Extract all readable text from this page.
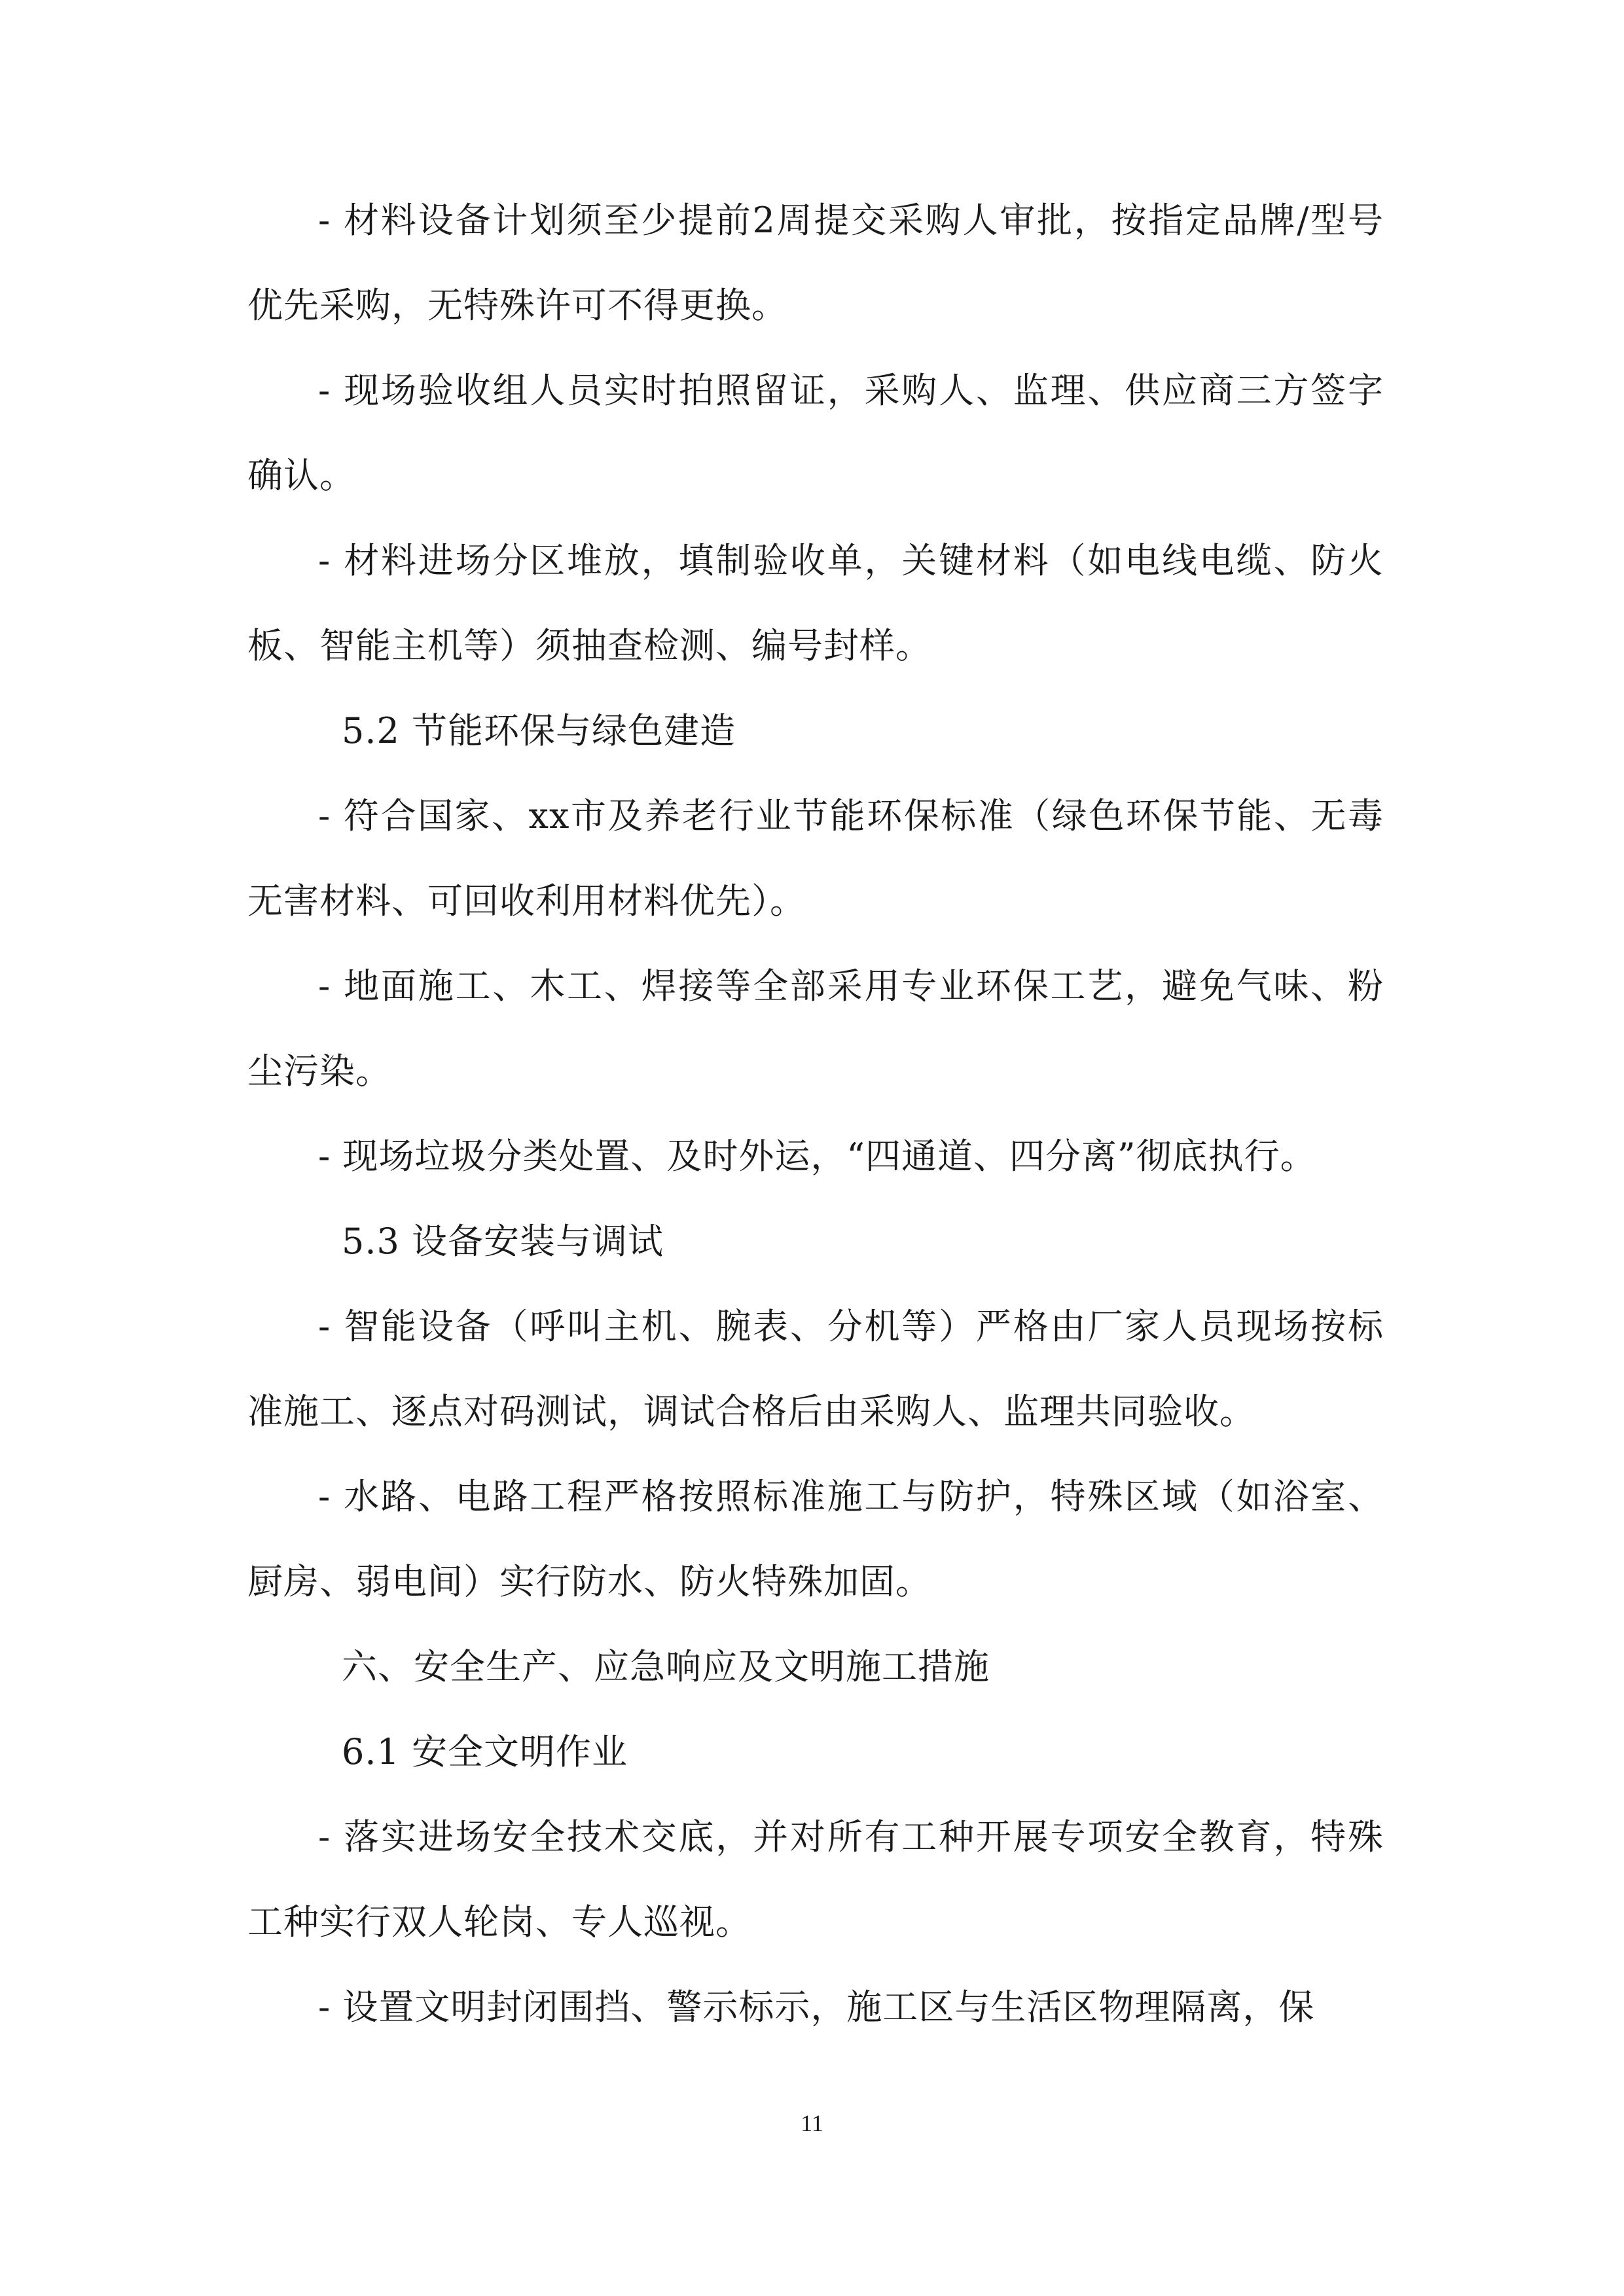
- 材料设备计划须至少提前2周提交采购人审批，按指定品牌/型号优先采购，无特殊许可不得更换。

- 现场验收组人员实时拍照留证，采购人、监理、供应商三方签字确认。

- 材料进场分区堆放，填制验收单，关键材料（如电线电缆、防火板、智能主机等）须抽查检测、编号封样。

5.2 节能环保与绿色建造

- 符合国家、xx市及养老行业节能环保标准（绿色环保节能、无毒无害材料、可回收利用材料优先）。

- 地面施工、木工、焊接等全部采用专业环保工艺，避免气味、粉尘污染。

- 现场垃圾分类处置、及时外运，“四通道、四分离”彻底执行。

5.3 设备安装与调试

- 智能设备（呼叫主机、腕表、分机等）严格由厂家人员现场按标准施工、逐点对码测试，调试合格后由采购人、监理共同验收。

- 水路、电路工程严格按照标准施工与防护，特殊区域（如浴室、厨房、弱电间）实行防水、防火特殊加固。

六、安全生产、应急响应及文明施工措施

6.1 安全文明作业

- 落实进场安全技术交底，并对所有工种开展专项安全教育，特殊工种实行双人轮岗、专人巡视。

- 设置文明封闭围挡、警示标示，施工区与生活区物理隔离，保

11
